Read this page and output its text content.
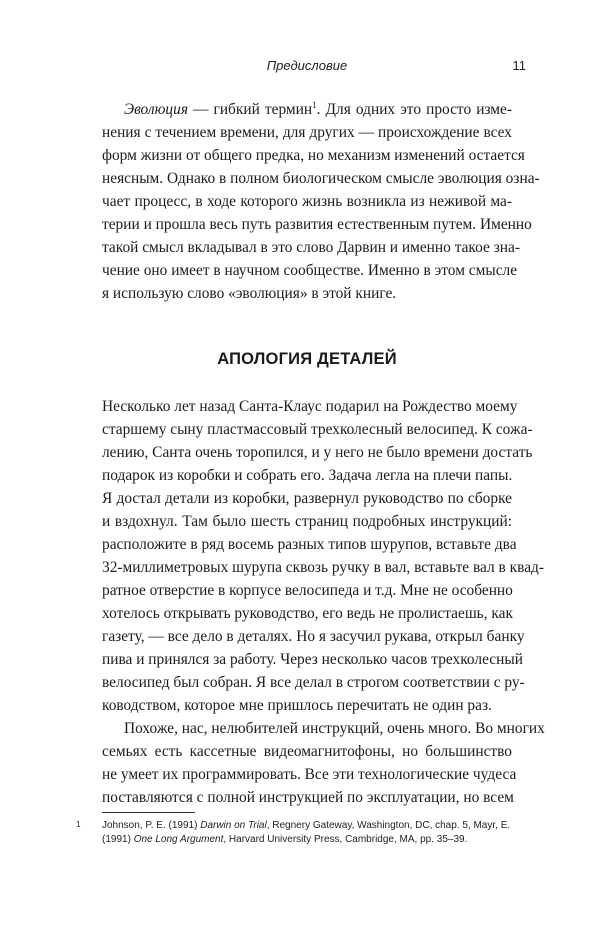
Предисловие	11
Эволюция — гибкий термин$^1$. Для одних это просто изме-
нения с течением времени, для других — происхождение всех
форм жизни от общего предка, но механизм изменений остается
неясным. Однако в полном биологическом смысле эволюция озна-
чает процесс, в ходе которого жизнь возникла из неживой ма-
терии и прошла весь путь развития естественным путем. Именно
такой смысл вкладывал в это слово Дарвин и именно такое зна-
чение оно имеет в научном сообществе. Именно в этом смысле
я использую слово «эволюция» в этой книге.
АПОЛОГИЯ ДЕТАЛЕЙ
Несколько лет назад Санта-Клаус подарил на Рождество моему
старшему сыну пластмассовый трехколесный велосипед. К сожа-
лению, Санта очень торопился, и у него не было времени достать
подарок из коробки и собрать его. Задача легла на плечи папы.
Я достал детали из коробки, развернул руководство по сборке
и вздохнул. Там было шесть страниц подробных инструкций:
расположите в ряд восемь разных типов шурупов, вставьте два
32-миллиметровых шурупа сквозь ручку в вал, вставьте вал в квад-
ратное отверстие в корпусе велосипеда и т.д. Мне не особенно
хотелось открывать руководство, его ведь не пролистаешь, как
газету, — все дело в деталях. Но я засучил рукава, открыл банку
пива и принялся за работу. Через несколько часов трехколесный
велосипед был собран. Я все делал в строгом соответствии с ру-
ководством, которое мне пришлось перечитать не один раз.
Похоже, нас, нелюбителей инструкций, очень много. Во многих
семьях есть кассетные видеомагнитофоны, но большинство
не умеет их программировать. Все эти технологические чудеса
поставляются с полной инструкцией по эксплуатации, но всем
1 Johnson, P. E. (1991) Darwin on Trial, Regnery Gateway, Washington, DC, chap. 5, Mayr, E.
(1991) One Long Argument, Harvard University Press, Cambridge, MA, pp. 35–39.
